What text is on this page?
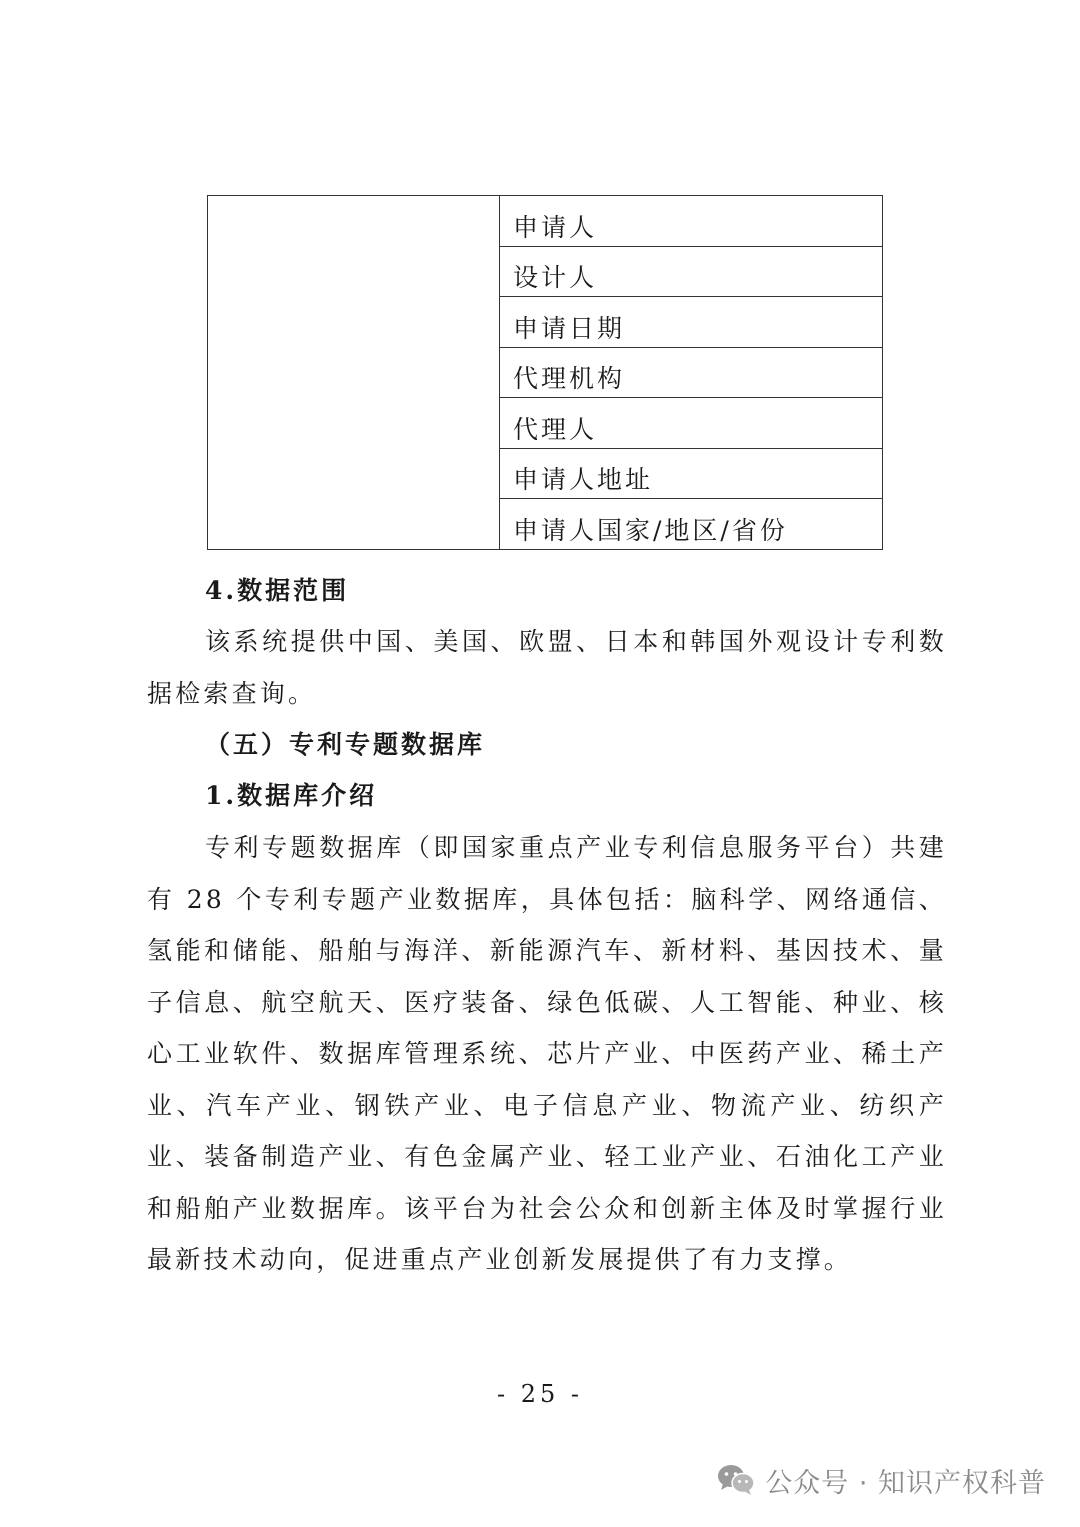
	申请人
设计人
申请日期
代理机构
代理人
申请人地址
申请人国家/地区/省份
4.数据范围
该系统提供中国、美国、欧盟、日本和韩国外观设计专利数据检索查询。
（五）专利专题数据库
1.数据库介绍
专利专题数据库（即国家重点产业专利信息服务平台）共建有 28 个专利专题产业数据库，具体包括：脑科学、网络通信、氢能和储能、船舶与海洋、新能源汽车、新材料、基因技术、量子信息、航空航天、医疗装备、绿色低碳、人工智能、种业、核心工业软件、数据库管理系统、芯片产业、中医药产业、稀土产业、汽车产业、钢铁产业、电子信息产业、物流产业、纺织产业、装备制造产业、有色金属产业、轻工业产业、石油化工产业和船舶产业数据库。该平台为社会公众和创新主体及时掌握行业最新技术动向，促进重点产业创新发展提供了有力支撑。
- 25 -
公众号 · 知识产权科普
